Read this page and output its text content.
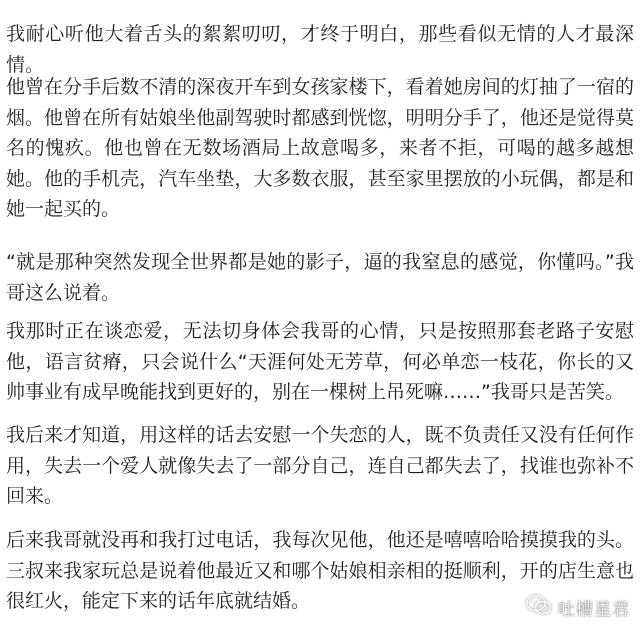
我耐心听他大着舌头的絮絮叨叨，才终于明白，那些看似无情的人才最深情。

他曾在分手后数不清的深夜开车到女孩家楼下，看着她房间的灯抽了一宿的烟。他曾在所有姑娘坐他副驾驶时都感到恍惚，明明分手了，他还是觉得莫名的愧疚。他也曾在无数场酒局上故意喝多，来者不拒，可喝的越多越想她。他的手机壳，汽车坐垫，大多数衣服，甚至家里摆放的小玩偶，都是和她一起买的。

“就是那种突然发现全世界都是她的影子，逼的我窒息的感觉，你懂吗。”我哥这么说着。

我那时正在谈恋爱，无法切身体会我哥的心情，只是按照那套老路子安慰他，语言贫瘠，只会说什么“天涯何处无芳草，何必单恋一枝花，你长的又帅事业有成早晚能找到更好的，别在一棵树上吊死嘛……”我哥只是苦笑。

我后来才知道，用这样的话去安慰一个失恋的人，既不负责任又没有任何作用，失去一个爱人就像失去了一部分自己，连自己都失去了，找谁也弥补不回来。

后来我哥就没再和我打过电话，我每次见他，他还是嘻嘻哈哈摸摸我的头。三叔来我家玩总是说着他最近又和哪个姑娘相亲相的挺顺利，开的店生意也很红火，能定下来的话年底就结婚。	吐槽星君
